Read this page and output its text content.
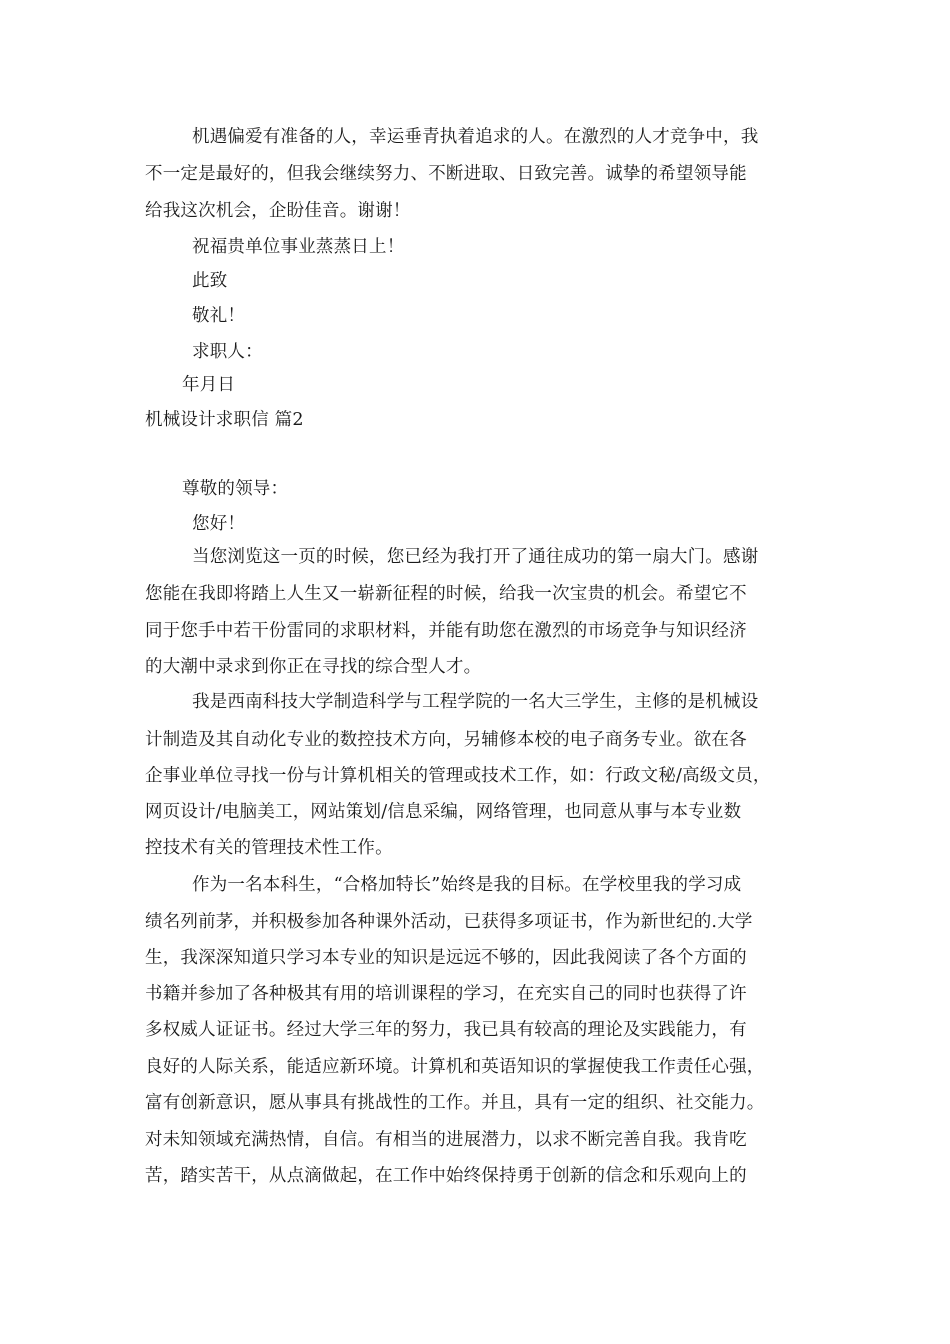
机遇偏爱有准备的人，幸运垂青执着追求的人。在激烈的人才竞争中，我
不一定是最好的，但我会继续努力、不断进取、日致完善。诚挚的希望领导能
给我这次机会，企盼佳音。谢谢！
祝福贵单位事业蒸蒸日上！
此致
敬礼！
求职人：
年月日
机械设计求职信 篇2
尊敬的领导：
您好！
当您浏览这一页的时候，您已经为我打开了通往成功的第一扇大门。感谢
您能在我即将踏上人生又一崭新征程的时候，给我一次宝贵的机会。希望它不
同于您手中若干份雷同的求职材料，并能有助您在激烈的市场竞争与知识经济
的大潮中录求到你正在寻找的综合型人才。
我是西南科技大学制造科学与工程学院的一名大三学生，主修的是机械设
计制造及其自动化专业的数控技术方向，另辅修本校的电子商务专业。欲在各
企事业单位寻找一份与计算机相关的管理或技术工作，如：行政文秘/高级文员，
网页设计/电脑美工，网站策划/信息采编，网络管理，也同意从事与本专业数
控技术有关的管理技术性工作。
作为一名本科生，“合格加特长”始终是我的目标。在学校里我的学习成
绩名列前茅，并积极参加各种课外活动，已获得多项证书，作为新世纪的.大学
生，我深深知道只学习本专业的知识是远远不够的，因此我阅读了各个方面的
书籍并参加了各种极其有用的培训课程的学习，在充实自己的同时也获得了许
多权威人证证书。经过大学三年的努力，我已具有较高的理论及实践能力，有
良好的人际关系，能适应新环境。计算机和英语知识的掌握使我工作责任心强，
富有创新意识，愿从事具有挑战性的工作。并且，具有一定的组织、社交能力。
对未知领域充满热情，自信。有相当的进展潜力，以求不断完善自我。我肯吃
苦，踏实苦干，从点滴做起，在工作中始终保持勇于创新的信念和乐观向上的
